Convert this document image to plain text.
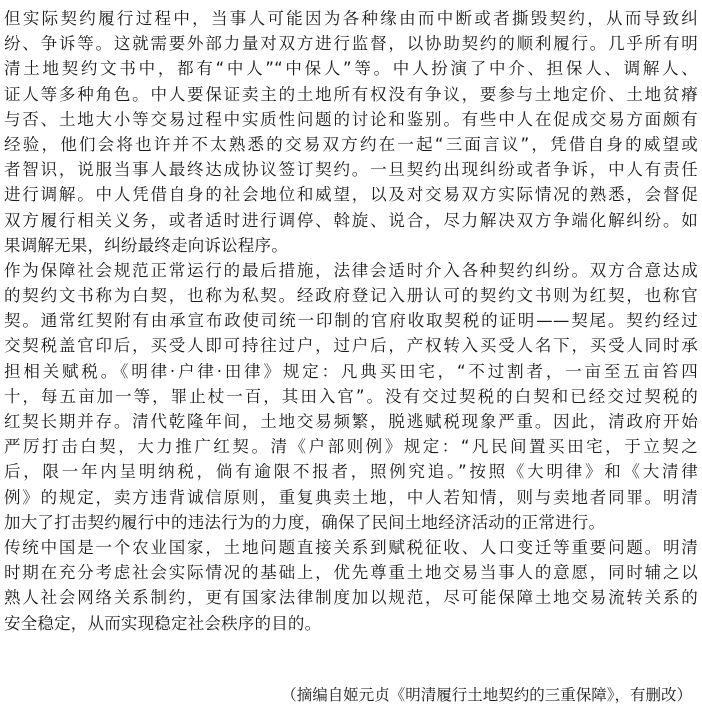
但实际契约履行过程中，当事人可能因为各种缘由而中断或者撕毁契约，从而导致纠
纷、争诉等。这就需要外部力量对双方进行监督，以协助契约的顺利履行。几乎所有明
清土地契约文书中，都有“中人”“中保人”等。中人扮演了中介、担保人、调解人、
证人等多种角色。中人要保证卖主的土地所有权没有争议，要参与土地定价、土地贫瘠
与否、土地大小等交易过程中实质性问题的讨论和鉴别。有些中人在促成交易方面颇有
经验，他们会将也许并不太熟悉的交易双方约在一起“三面言议”，凭借自身的威望或
者智识，说服当事人最终达成协议签订契约。一旦契约出现纠纷或者争诉，中人有责任
进行调解。中人凭借自身的社会地位和威望，以及对交易双方实际情况的熟悉，会督促
双方履行相关义务，或者适时进行调停、斡旋、说合，尽力解决双方争端化解纠纷。如
果调解无果，纠纷最终走向诉讼程序。
作为保障社会规范正常运行的最后措施，法律会适时介入各种契约纠纷。双方合意达成
的契约文书称为白契，也称为私契。经政府登记入册认可的契约文书则为红契，也称官
契。通常红契附有由承宣布政使司统一印制的官府收取契税的证明——契尾。契约经过
交契税盖官印后，买受人即可持往过户，过户后，产权转入买受人名下，买受人同时承
担相关赋税。《明律·户律·田律》规定：凡典买田宅，“不过割者，一亩至五亩笞四
十，每五亩加一等，罪止杖一百，其田入官”。没有交过契税的白契和已经交过契税的
红契长期并存。清代乾隆年间，土地交易频繁，脱逃赋税现象严重。因此，清政府开始
严厉打击白契，大力推广红契。清《户部则例》规定：“凡民间置买田宅，于立契之
后，限一年内呈明纳税，倘有逾限不报者，照例究追。”按照《大明律》和《大清律
例》的规定，卖方违背诚信原则，重复典卖土地，中人若知情，则与卖地者同罪。明清
加大了打击契约履行中的违法行为的力度，确保了民间土地经济活动的正常进行。
传统中国是一个农业国家，土地问题直接关系到赋税征收、人口变迁等重要问题。明清
时期在充分考虑社会实际情况的基础上，优先尊重土地交易当事人的意愿，同时辅之以
熟人社会网络关系制约，更有国家法律制度加以规范，尽可能保障土地交易流转关系的
安全稳定，从而实现稳定社会秩序的目的。
（摘编自姬元贞《明清履行土地契约的三重保障》，有删改）
